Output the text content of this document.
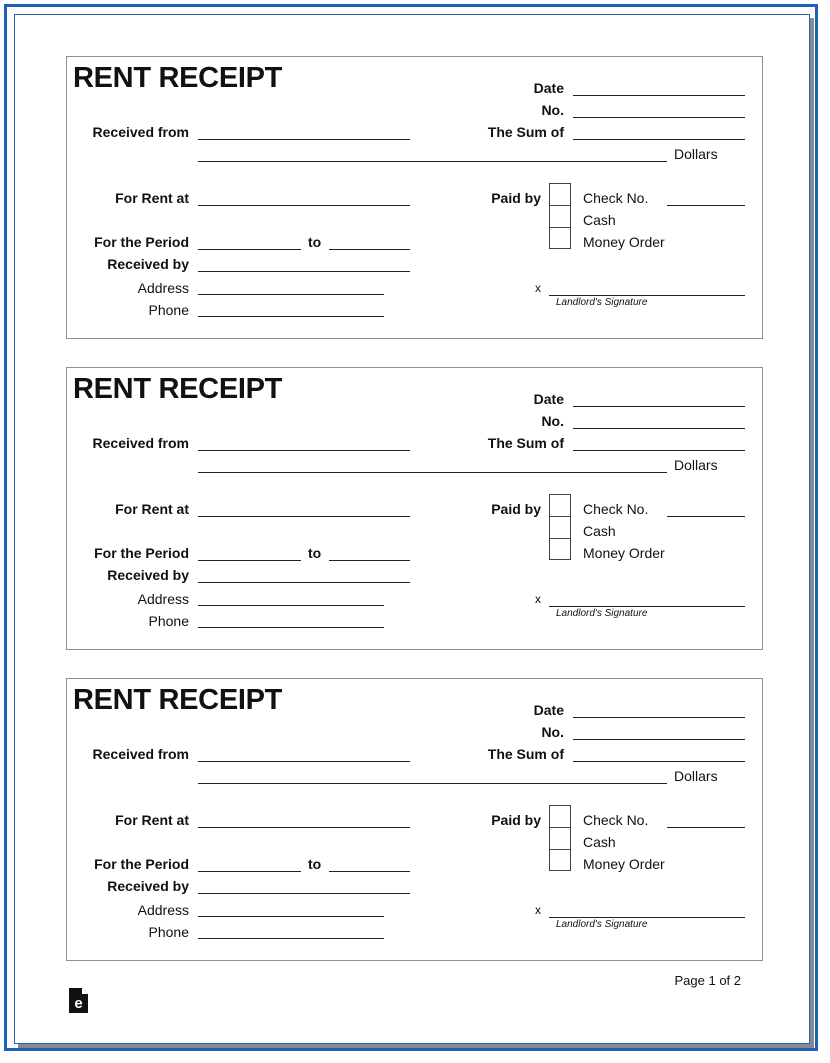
RENT RECEIPT	Date
No.
Received from	The Sum of
Dollars
For Rent at	Paid by	Check No.
Cash
Money Order
For the Period	to
Received by
Address
Phone
x
Landlord's Signature
RENT RECEIPT	Date
No.
Received from	The Sum of
Dollars
For Rent at	Paid by	Check No.
Cash
Money Order
For the Period	to
Received by
Address
Phone
x
Landlord's Signature
RENT RECEIPT	Date
No.
Received from	The Sum of
Dollars
For Rent at	Paid by	Check No.
Cash
Money Order
For the Period	to
Received by
Address
Phone
x
Landlord's Signature
Page 1 of 2
e
